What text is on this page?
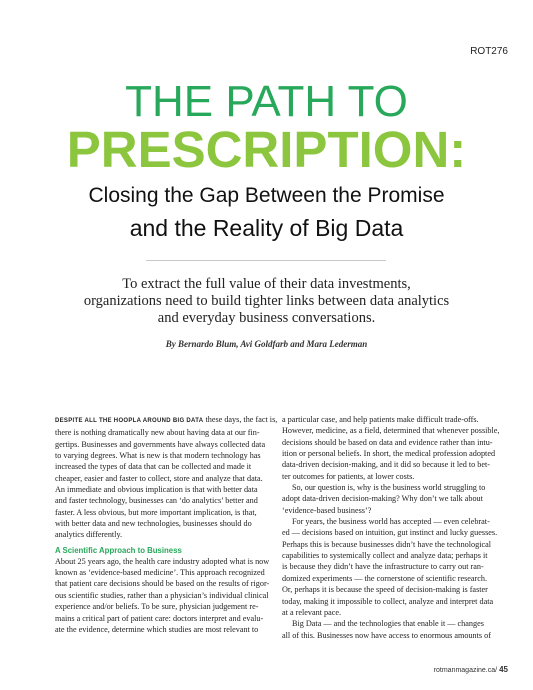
ROT276
THE PATH TO
PRESCRIPTION:
Closing the Gap Between the Promise
and the Reality of Big Data
To extract the full value of their data investments,
organizations need to build tighter links between data analytics
and everyday business conversations.
By Bernardo Blum, Avi Goldfarb and Mara Lederman

DESPITE ALL THE HOOPLA AROUND BIG DATA these days, the fact is,
there is nothing dramatically new about having data at our fin-
gertips. Businesses and governments have always collected data
to varying degrees. What is new is that modern technology has
increased the types of data that can be collected and made it
cheaper, easier and faster to collect, store and analyze that data.
An immediate and obvious implication is that with better data
and faster technology, businesses can ‘do analytics’ better and
faster. A less obvious, but more important implication, is that,
with better data and new technologies, businesses should do
analytics differently.

A Scientific Approach to Business

About 25 years ago, the health care industry adopted what is now
known as ‘evidence-based medicine’. This approach recognized
that patient care decisions should be based on the results of rigor-
ous scientific studies, rather than a physician’s individual clinical
experience and/or beliefs. To be sure, physician judgement re-
mains a critical part of patient care: doctors interpret and evalu-
ate the evidence, determine which studies are most relevant to

a particular case, and help patients make difficult trade-offs.
However, medicine, as a field, determined that whenever possible,
decisions should be based on data and evidence rather than intu-
ition or personal beliefs. In short, the medical profession adopted
data-driven decision-making, and it did so because it led to bet-
ter outcomes for patients, at lower costs.

So, our question is, why is the business world struggling to
adopt data-driven decision-making? Why don’t we talk about
‘evidence-based business’?

For years, the business world has accepted — even celebrat-
ed — decisions based on intuition, gut instinct and lucky guesses.
Perhaps this is because businesses didn’t have the technological
capabilities to systemically collect and analyze data; perhaps it
is because they didn’t have the infrastructure to carry out ran-
domized experiments — the cornerstone of scientific research.
Or, perhaps it is because the speed of decision-making is faster
today, making it impossible to collect, analyze and interpret data
at a relevant pace.

Big Data — and the technologies that enable it — changes
all of this. Businesses now have access to enormous amounts of

rotmanmagazine.ca/ 45
